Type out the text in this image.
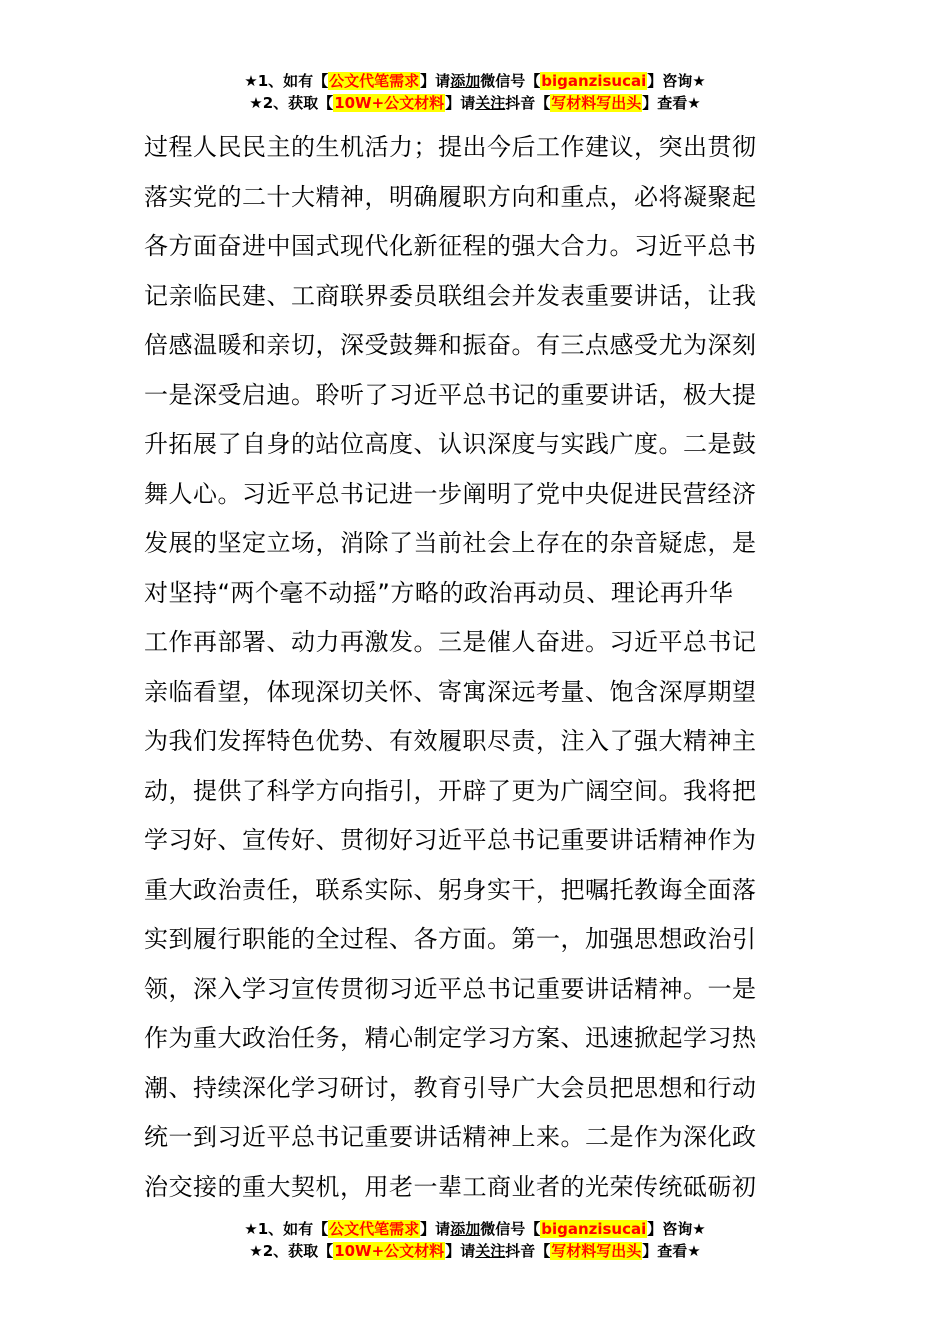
★1、如有【公文代笔需求】请添加微信号【biganzisucai】咨询★
★2、获取【10W+公文材料】请关注抖音【写材料写出头】查看★
过程人民民主的生机活力；提出今后工作建议，突出贯彻
落实党的二十大精神，明确履职方向和重点，必将凝聚起
各方面奋进中国式现代化新征程的强大合力。习近平总书
记亲临民建、工商联界委员联组会并发表重要讲话，让我
倍感温暖和亲切，深受鼓舞和振奋。有三点感受尤为深刻
一是深受启迪。聆听了习近平总书记的重要讲话，极大提
升拓展了自身的站位高度、认识深度与实践广度。二是鼓
舞人心。习近平总书记进一步阐明了党中央促进民营经济
发展的坚定立场，消除了当前社会上存在的杂音疑虑，是
对坚持“两个毫不动摇”方略的政治再动员、理论再升华
工作再部署、动力再激发。三是催人奋进。习近平总书记
亲临看望，体现深切关怀、寄寓深远考量、饱含深厚期望
为我们发挥特色优势、有效履职尽责，注入了强大精神主
动，提供了科学方向指引，开辟了更为广阔空间。我将把
学习好、宣传好、贯彻好习近平总书记重要讲话精神作为
重大政治责任，联系实际、躬身实干，把嘱托教诲全面落
实到履行职能的全过程、各方面。第一，加强思想政治引
领，深入学习宣传贯彻习近平总书记重要讲话精神。一是
作为重大政治任务，精心制定学习方案、迅速掀起学习热
潮、持续深化学习研讨，教育引导广大会员把思想和行动
统一到习近平总书记重要讲话精神上来。二是作为深化政
治交接的重大契机，用老一辈工商业者的光荣传统砥砺初
★1、如有【公文代笔需求】请添加微信号【biganzisucai】咨询★
★2、获取【10W+公文材料】请关注抖音【写材料写出头】查看★
